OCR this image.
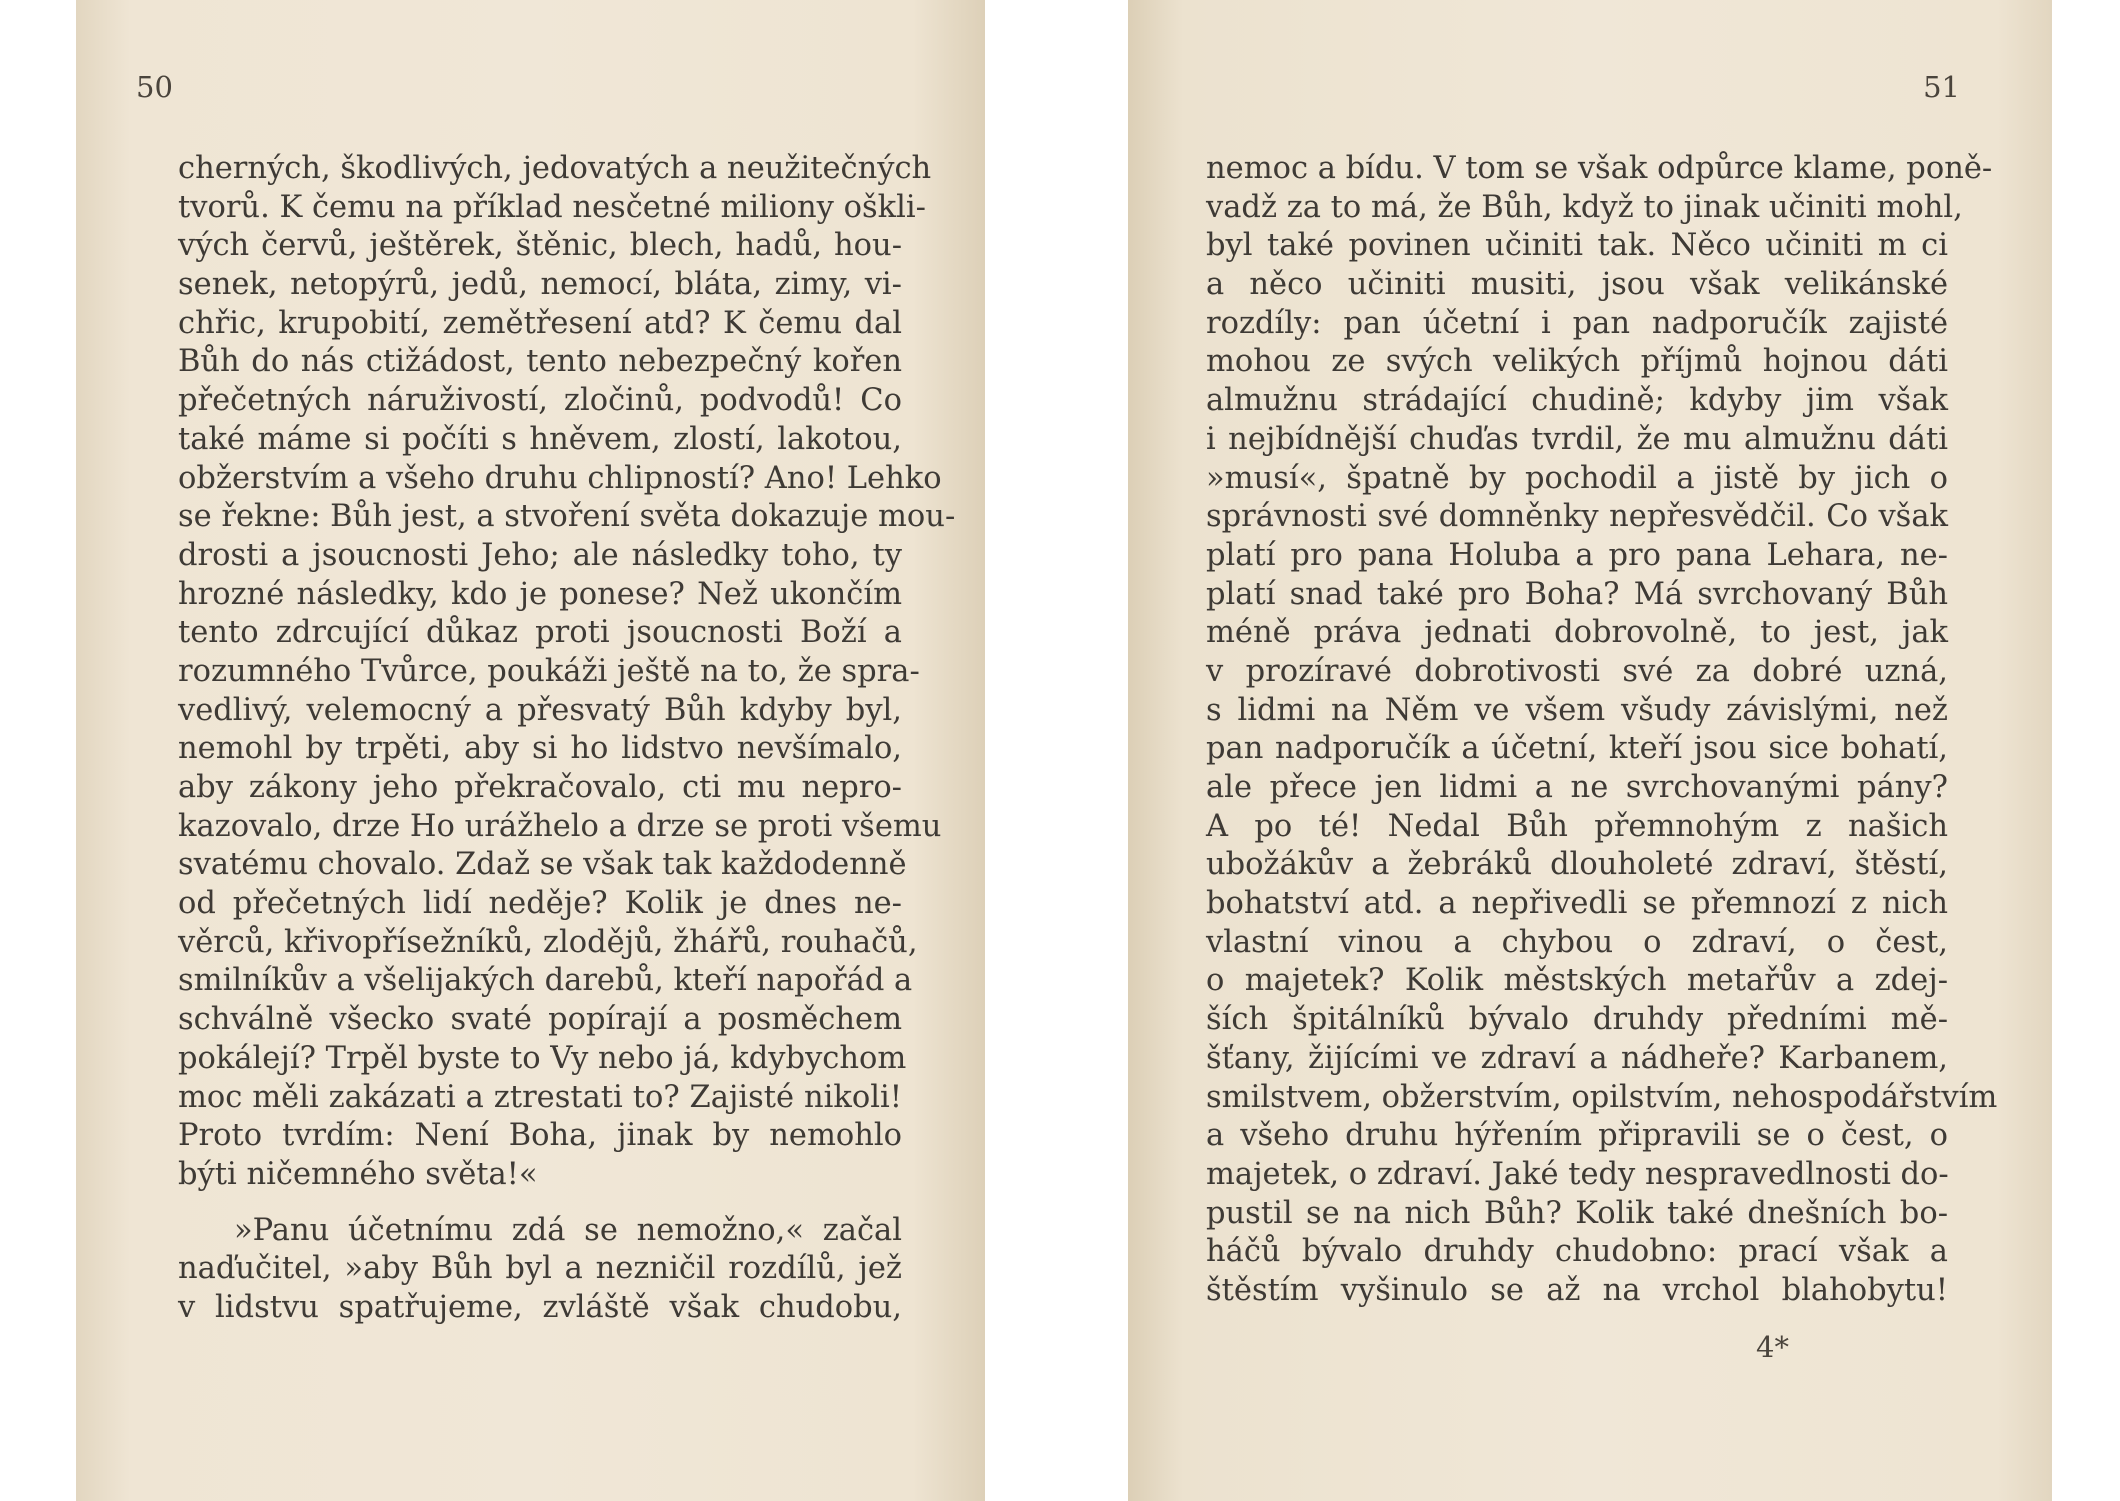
50
cherných, škodlivých, jedovatých a neužitečných
tvorů. K čemu na příklad nesčetné miliony oškli-
vých červů, ještěrek, štěnic, blech, hadů, hou-
senek, netopýrů, jedů, nemocí, bláta, zimy, vi-
chřic, krupobití, zemětřesení atd? K čemu dal
Bůh do nás ctižádost, tento nebezpečný kořen
přečetných náruživostí, zločinů, podvodů! Co
také máme si počíti s hněvem, zlostí, lakotou,
obžerstvím a všeho druhu chlipností? Ano! Lehko
se řekne: Bůh jest, a stvoření světa dokazuje mou-
drosti a jsoucnosti Jeho; ale následky toho, ty
hrozné následky, kdo je ponese? Než ukončím
tento zdrcující důkaz proti jsoucnosti Boží a
rozumného Tvůrce, poukáži ještě na to, že spra-
vedlivý, velemocný a přesvatý Bůh kdyby byl,
nemohl by trpěti, aby si ho lidstvo nevšímalo,
aby zákony jeho překračovalo, cti mu nepro-
kazovalo, drze Ho urážhelo a drze se proti všemu
svatému chovalo. Zdaž se však tak každodenně
od přečetných lidí neděje? Kolik je dnes ne-
věrců, křivopřísežníků, zlodějů, žhářů, rouhačů,
smilníkův a všelijakých darebů, kteří napořád a
schválně všecko svaté popírají a posměchem
pokálejí? Trpěl byste to Vy nebo já, kdybychom
moc měli zakázati a ztrestati to? Zajisté nikoli!
Proto tvrdím: Není Boha, jinak by nemohlo
býti ničemného světa!«
»Panu účetnímu zdá se nemožno,« začal
naďučitel, »aby Bůh byl a nezničil rozdílů, jež
v lidstvu spatřujeme, zvláště však chudobu,
51
nemoc a bídu. V tom se však odpůrce klame, poně-
vadž za to má, že Bůh, když to jinak učiniti mohl,
byl také povinen učiniti tak. Něco učiniti m ci
a něco učiniti musiti, jsou však velikánské
rozdíly: pan účetní i pan nadporučík zajisté
mohou ze svých velikých příjmů hojnou dáti
almužnu strádající chudině; kdyby jim však
i nejbídnější chuďas tvrdil, že mu almužnu dáti
»musí«, špatně by pochodil a jistě by jich o
správnosti své domněnky nepřesvědčil. Co však
platí pro pana Holuba a pro pana Lehara, ne-
platí snad také pro Boha? Má svrchovaný Bůh
méně práva jednati dobrovolně, to jest, jak
v prozíravé dobrotivosti své za dobré uzná,
s lidmi na Něm ve všem všudy závislými, než
pan nadporučík a účetní, kteří jsou sice bohatí,
ale přece jen lidmi a ne svrchovanými pány?
A po té! Nedal Bůh přemnohým z našich
ubožákův a žebráků dlouholeté zdraví, štěstí,
bohatství atd. a nepřivedli se přemnozí z nich
vlastní vinou a chybou o zdraví, o čest,
o majetek? Kolik městských metařův a zdej-
ších špitálníků bývalo druhdy předními mě-
šťany, žijícími ve zdraví a nádheře? Karbanem,
smilstvem, obžerstvím, opilstvím, nehospodářstvím
a všeho druhu hýřením připravili se o čest, o
majetek, o zdraví. Jaké tedy nespravedlnosti do-
pustil se na nich Bůh? Kolik také dnešních bo-
háčů bývalo druhdy chudobno: prací však a
štěstím vyšinulo se až na vrchol blahobytu!
4*
